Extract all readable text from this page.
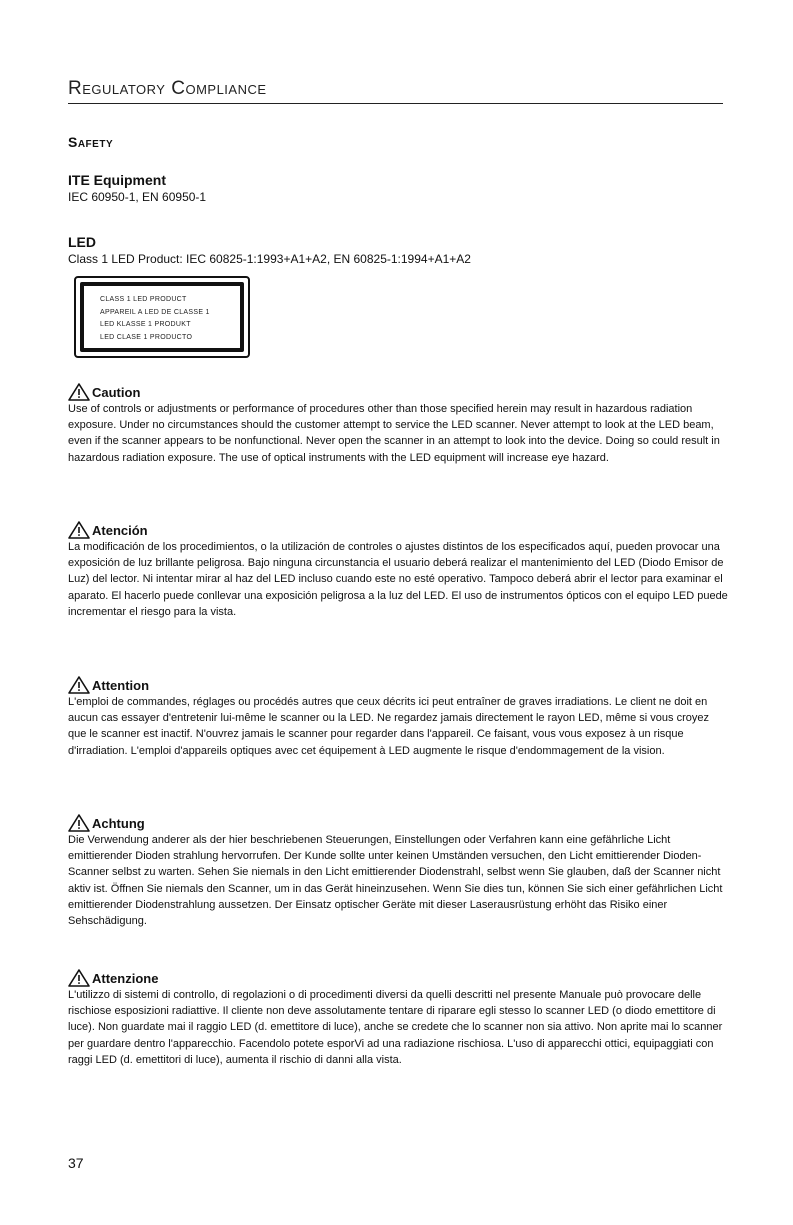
Regulatory Compliance
Safety

ITE Equipment

IEC 60950-1, EN 60950-1

LED

Class 1 LED Product: IEC 60825-1:1993+A1+A2, EN 60825-1:1994+A1+A2

CLASS 1 LED PRODUCT
APPAREIL A LED DE CLASSE 1
LED KLASSE 1 PRODUKT
LED CLASE 1 PRODUCTO
Caution

Use of controls or adjustments or performance of procedures other than those specified herein may result in hazardous radiation exposure. Under no circumstances should the customer attempt to service the LED scanner. Never attempt to look at the LED beam, even if the scanner appears to be nonfunctional. Never open the scanner in an attempt to look into the device. Doing so could result in hazardous radiation exposure. The use of optical instruments with the LED equipment will increase eye hazard.

Atención

La modificación de los procedimientos, o la utilización de controles o ajustes distintos de los especificados aquí, pueden provocar una exposición de luz brillante peligrosa. Bajo ninguna circunstancia el usuario deberá realizar el mantenimiento del LED (Diodo Emisor de Luz) del lector. Ni intentar mirar al haz del LED incluso cuando este no esté operativo. Tampoco deberá abrir el lector para examinar el aparato. El hacerlo puede conllevar una exposición peligrosa a la luz del LED. El uso de instrumentos ópticos con el equipo LED puede incrementar el riesgo para la vista.

Attention

L'emploi de commandes, réglages ou procédés autres que ceux décrits ici peut entraîner de graves irradiations. Le client ne doit en aucun cas essayer d'entretenir lui-même le scanner ou la LED. Ne regardez jamais directement le rayon LED, même si vous croyez que le scanner est inactif. N'ouvrez jamais le scanner pour regarder dans l'appareil. Ce faisant, vous vous exposez à un risque d'irradiation. L'emploi d'appareils optiques avec cet équipement à LED augmente le risque d'endommagement de la vision.

Achtung

Die Verwendung anderer als der hier beschriebenen Steuerungen, Einstellungen oder Verfahren kann eine gefährliche Licht emittierender Dioden strahlung hervorrufen. Der Kunde sollte unter keinen Umständen versuchen, den Licht emittierender Dioden-Scanner selbst zu warten. Sehen Sie niemals in den Licht emittierender Diodenstrahl, selbst wenn Sie glauben, daß der Scanner nicht aktiv ist. Öffnen Sie niemals den Scanner, um in das Gerät hineinzusehen. Wenn Sie dies tun, können Sie sich einer gefährlichen Licht emittierender Diodenstrahlung aussetzen. Der Einsatz optischer Geräte mit dieser Laserausrüstung erhöht das Risiko einer Sehschädigung.

Attenzione

L'utilizzo di sistemi di controllo, di regolazioni o di procedimenti diversi da quelli descritti nel presente Manuale può provocare delle rischiose esposizioni radiattive. Il cliente non deve assolutamente tentare di riparare egli stesso lo scanner LED (o diodo emettitore di luce). Non guardate mai il raggio LED (d. emettitore di luce), anche se credete che lo scanner non sia attivo. Non aprite mai lo scanner per guardare dentro l'apparecchio. Facendolo potete esporVi ad una radiazione rischiosa. L'uso di apparecchi ottici, equipaggiati con raggi LED (d. emettitori di luce), aumenta il rischio di danni alla vista.

37
